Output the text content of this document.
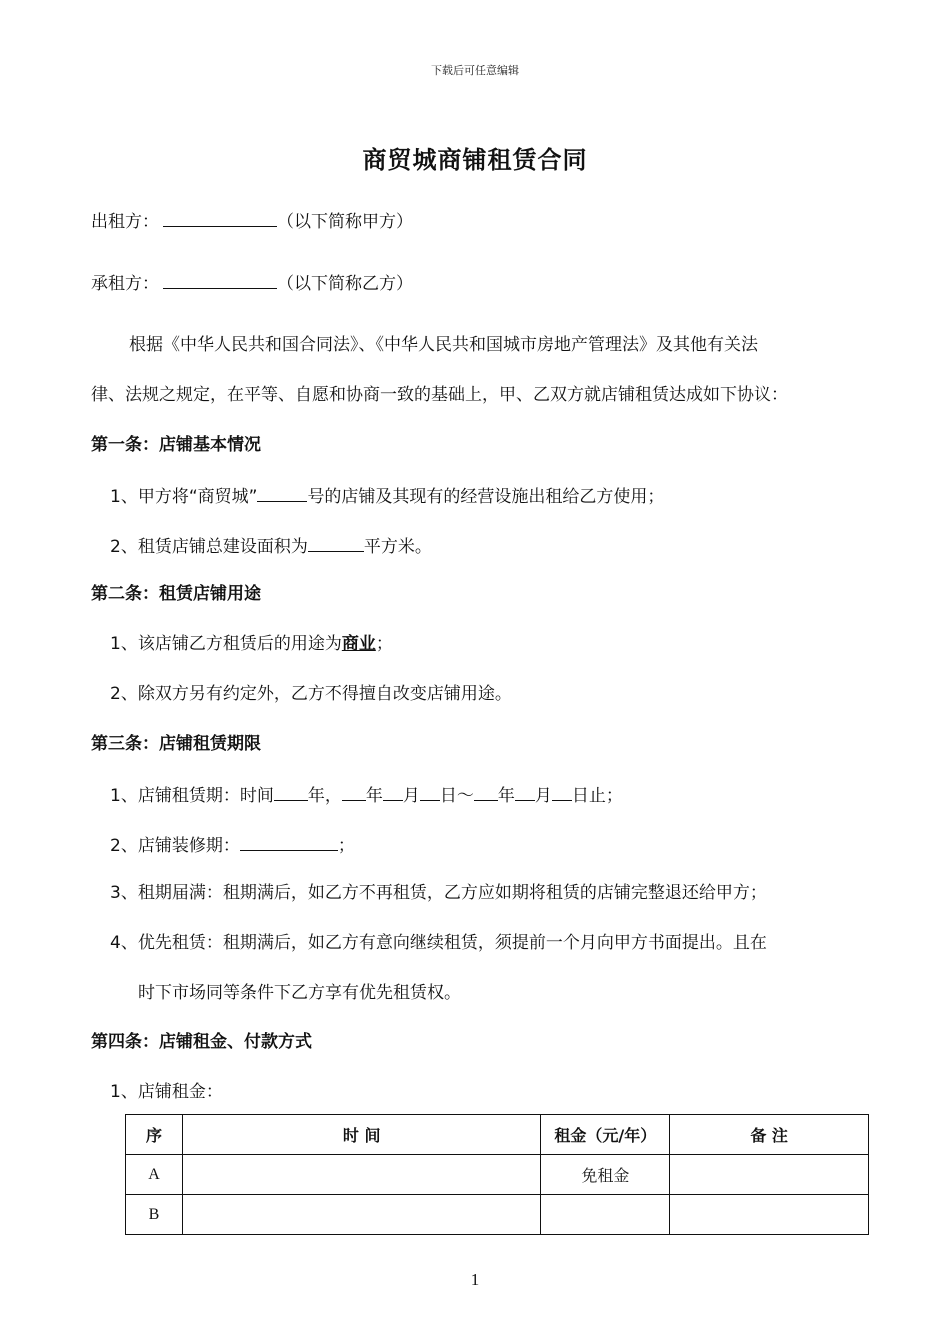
下载后可任意编辑
商贸城商铺租赁合同
出租方：	（以下简称甲方）
承租方：	（以下简称乙方）
根据《中华人民共和国合同法》、《中华人民共和国城市房地产管理法》及其他有关法
律、法规之规定，在平等、自愿和协商一致的基础上，甲、乙双方就店铺租赁达成如下协议：
第一条：店铺基本情况
1、甲方将“商贸城”	号的店铺及其现有的经营设施出租给乙方使用；
2、租赁店铺总建设面积为	平方米。
第二条：租赁店铺用途
1、该店铺乙方租赁后的用途为商业；
2、除双方另有约定外，乙方不得擅自改变店铺用途。
第三条：店铺租赁期限
1、店铺租赁期：时间 年， 年 月 日～ 年 月 日止；
2、店铺装修期：	；
3、租期届满：租期满后，如乙方不再租赁，乙方应如期将租赁的店铺完整退还给甲方；
4、优先租赁：租期满后，如乙方有意向继续租赁，须提前一个月向甲方书面提出。且在
时下市场同等条件下乙方享有优先租赁权。
第四条：店铺租金、付款方式
1、店铺租金：
序	时 间	租金（元/年）	备 注
A		免租金	
B			
1
